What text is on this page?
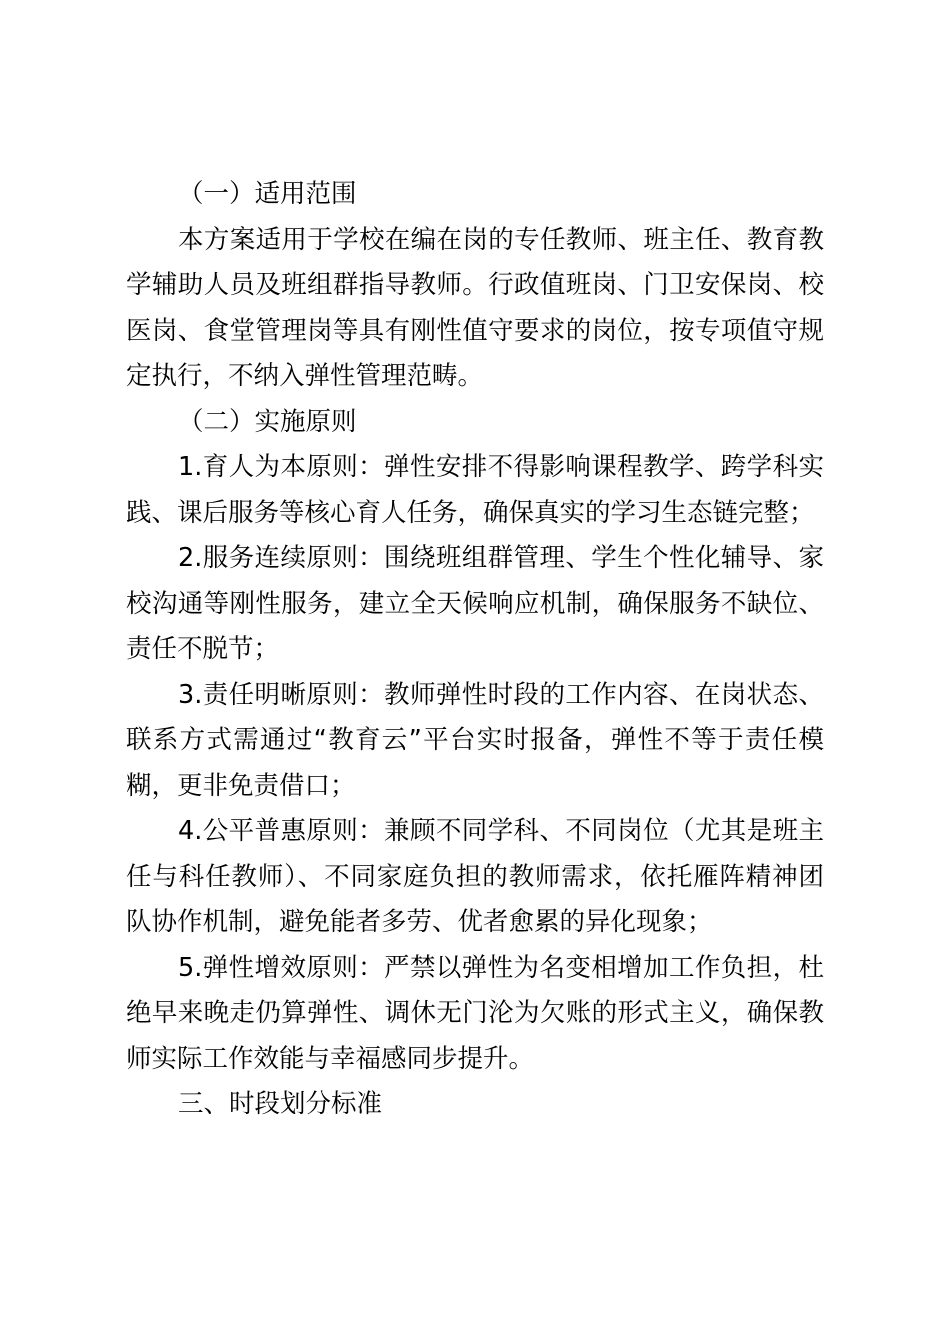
（一）适用范围

本方案适用于学校在编在岗的专任教师、班主任、教育教学辅助人员及班组群指导教师。行政值班岗、门卫安保岗、校医岗、食堂管理岗等具有刚性值守要求的岗位，按专项值守规定执行，不纳入弹性管理范畴。

（二）实施原则

1.育人为本原则：弹性安排不得影响课程教学、跨学科实践、课后服务等核心育人任务，确保真实的学习生态链完整；

2.服务连续原则：围绕班组群管理、学生个性化辅导、家校沟通等刚性服务，建立全天候响应机制，确保服务不缺位、责任不脱节；

3.责任明晰原则：教师弹性时段的工作内容、在岗状态、联系方式需通过“教育云”平台实时报备，弹性不等于责任模糊，更非免责借口；

4.公平普惠原则：兼顾不同学科、不同岗位（尤其是班主任与科任教师）、不同家庭负担的教师需求，依托雁阵精神团队协作机制，避免能者多劳、优者愈累的异化现象；

5.弹性增效原则：严禁以弹性为名变相增加工作负担，杜绝早来晚走仍算弹性、调休无门沦为欠账的形式主义，确保教师实际工作效能与幸福感同步提升。

三、时段划分标准
